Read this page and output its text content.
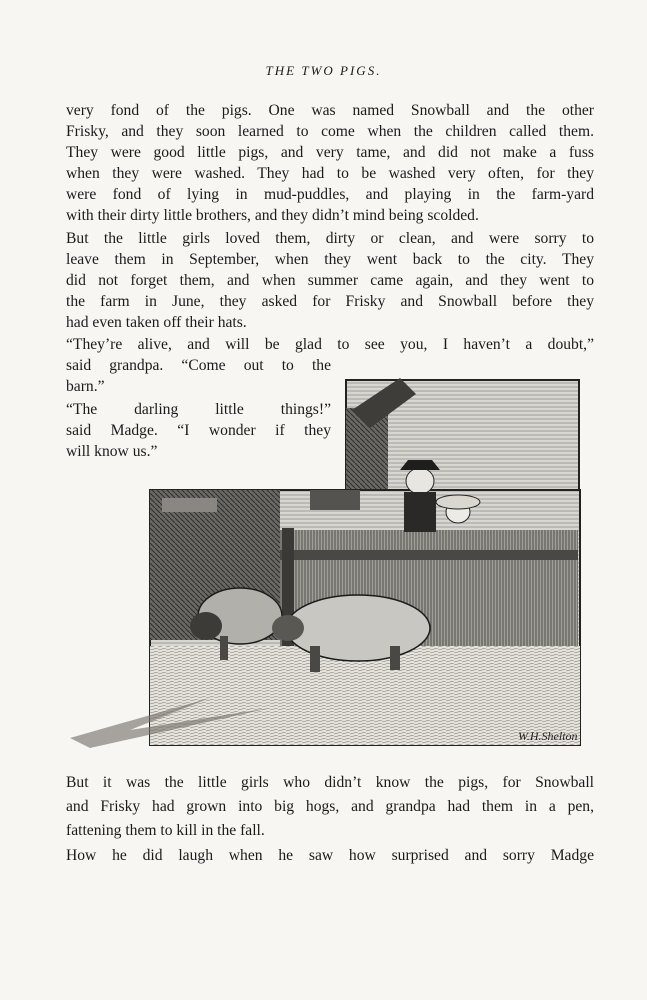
THE TWO PIGS.
very fond of the pigs. One was named Snowball and the other
Frisky, and they soon learned to come when the children called them.
They were good little pigs, and very tame, and did not make a fuss
when they were washed. They had to be washed very often, for they
were fond of lying in mud-puddles, and playing in the farm-yard
with their dirty little brothers, and they didn’t mind being scolded.
But the little girls loved them, dirty or clean, and were sorry to
leave them in September, when they went back to the city. They
did not forget them, and when summer came again, and they went to
the farm in June, they asked for Frisky and Snowball before they
had even taken off their hats.
“They’re alive, and will be glad to see you, I haven’t a doubt,”
said grandpa. “Come out to the
barn.”
“The darling little things!”
said Madge. “I wonder if they
will know us.”
W.H.Shelton
But it was the little girls who didn’t know the pigs, for Snowball
and Frisky had grown into big hogs, and grandpa had them in a pen,
fattening them to kill in the fall.
How he did laugh when he saw how surprised and sorry Madge
